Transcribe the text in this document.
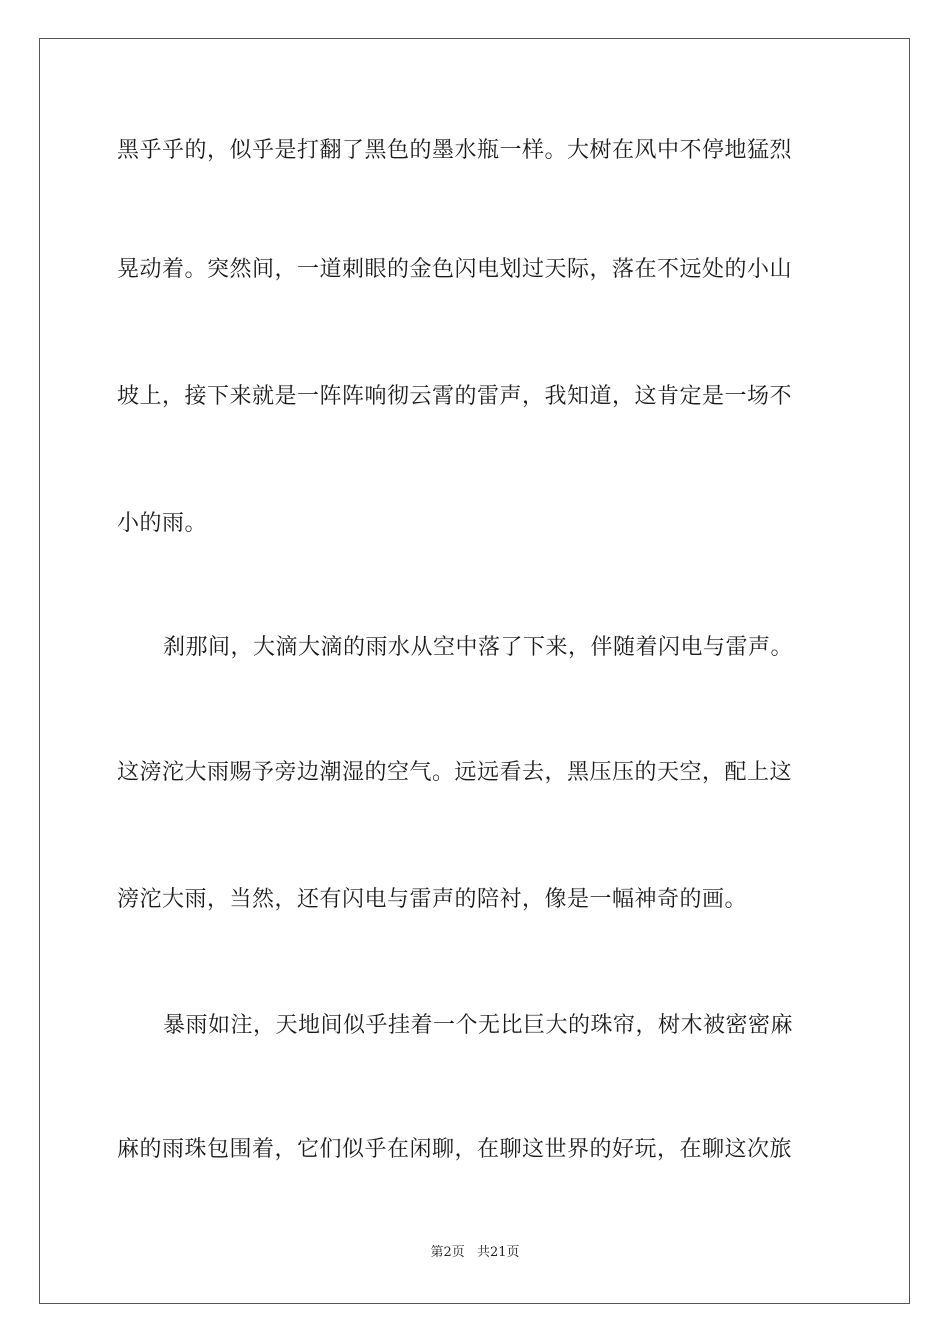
黑乎乎的，似乎是打翻了黑色的墨水瓶一样。大树在风中不停地猛烈
晃动着。突然间，一道刺眼的金色闪电划过天际，落在不远处的小山
坡上，接下来就是一阵阵响彻云霄的雷声，我知道，这肯定是一场不
小的雨。
刹那间，大滴大滴的雨水从空中落了下来，伴随着闪电与雷声。
这滂沱大雨赐予旁边潮湿的空气。远远看去，黑压压的天空，配上这
滂沱大雨，当然，还有闪电与雷声的陪衬，像是一幅神奇的画。
暴雨如注，天地间似乎挂着一个无比巨大的珠帘，树木被密密麻
麻的雨珠包围着，它们似乎在闲聊，在聊这世界的好玩，在聊这次旅
第2页 共21页
